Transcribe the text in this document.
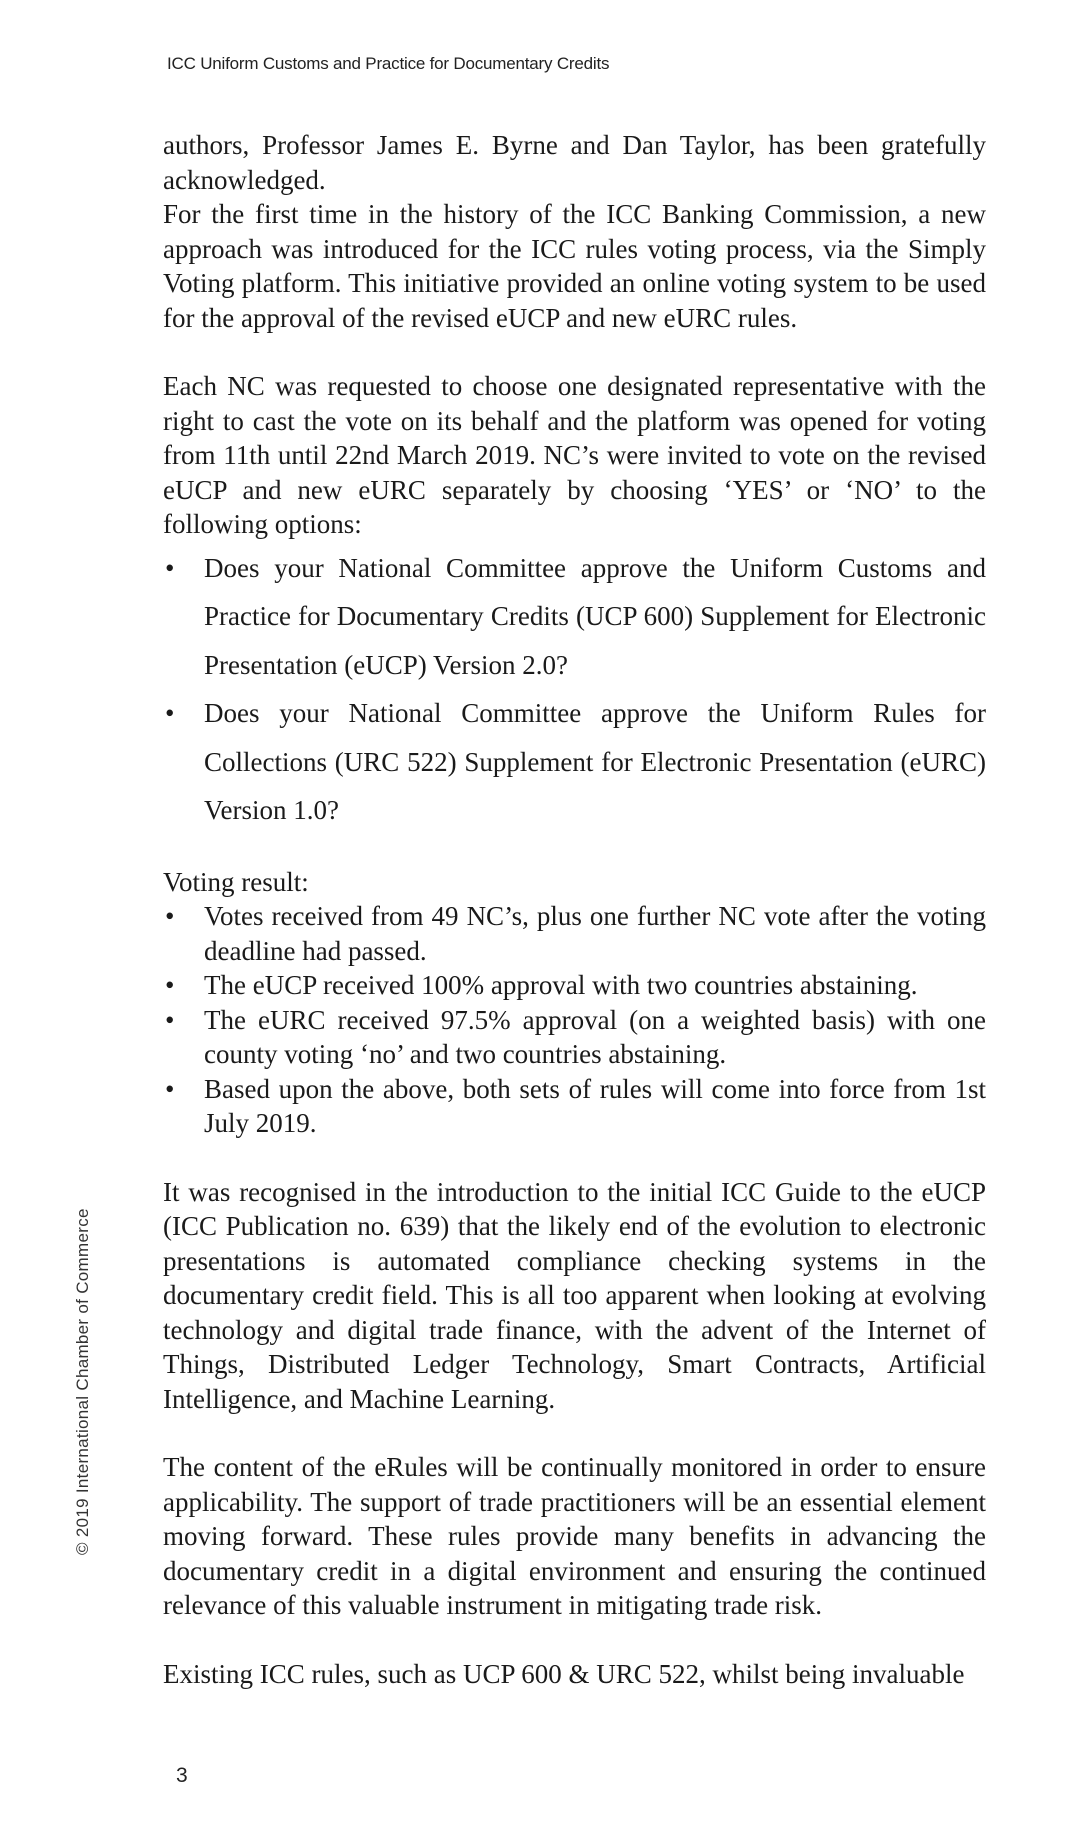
ICC Uniform Customs and Practice for Documentary Credits
© 2019 International Chamber of Commerce

authors, Professor James E. Byrne and Dan Taylor, has been gratefully acknowledged.

For the first time in the history of the ICC Banking Commission, a new approach was introduced for the ICC rules voting process, via the Simply Voting platform. This initiative provided an online voting system to be used for the approval of the revised eUCP and new eURC rules.

Each NC was requested to choose one designated representative with the right to cast the vote on its behalf and the platform was opened for voting from 11th until 22nd March 2019. NC’s were invited to vote on the revised eUCP and new eURC separately by choosing ‘YES’ or ‘NO’ to the following options:

• Does your National Committee approve the Uniform Customs and Practice for Documentary Credits (UCP 600) Supplement for Electronic Presentation (eUCP) Version 2.0?
• Does your National Committee approve the Uniform Rules for Collections (URC 522) Supplement for Electronic Presentation (eURC) Version 1.0?

Voting result:

• Votes received from 49 NC’s, plus one further NC vote after the voting deadline had passed.
• The eUCP received 100% approval with two countries abstaining.
• The eURC received 97.5% approval (on a weighted basis) with one county voting ‘no’ and two countries abstaining.
• Based upon the above, both sets of rules will come into force from 1st July 2019.

It was recognised in the introduction to the initial ICC Guide to the eUCP (ICC Publication no. 639) that the likely end of the evolution to electronic presentations is automated compliance checking systems in the documentary credit field. This is all too apparent when looking at evolving technology and digital trade finance, with the advent of the Internet of Things, Distributed Ledger Technology, Smart Contracts, Artificial Intelligence, and Machine Learning.

The content of the eRules will be continually monitored in order to ensure applicability. The support of trade practitioners will be an essential element moving forward. These rules provide many benefits in advancing the documentary credit in a digital environment and ensuring the continued relevance of this valuable instrument in mitigating trade risk.

Existing ICC rules, such as UCP 600 & URC 522, whilst being invaluable

3
